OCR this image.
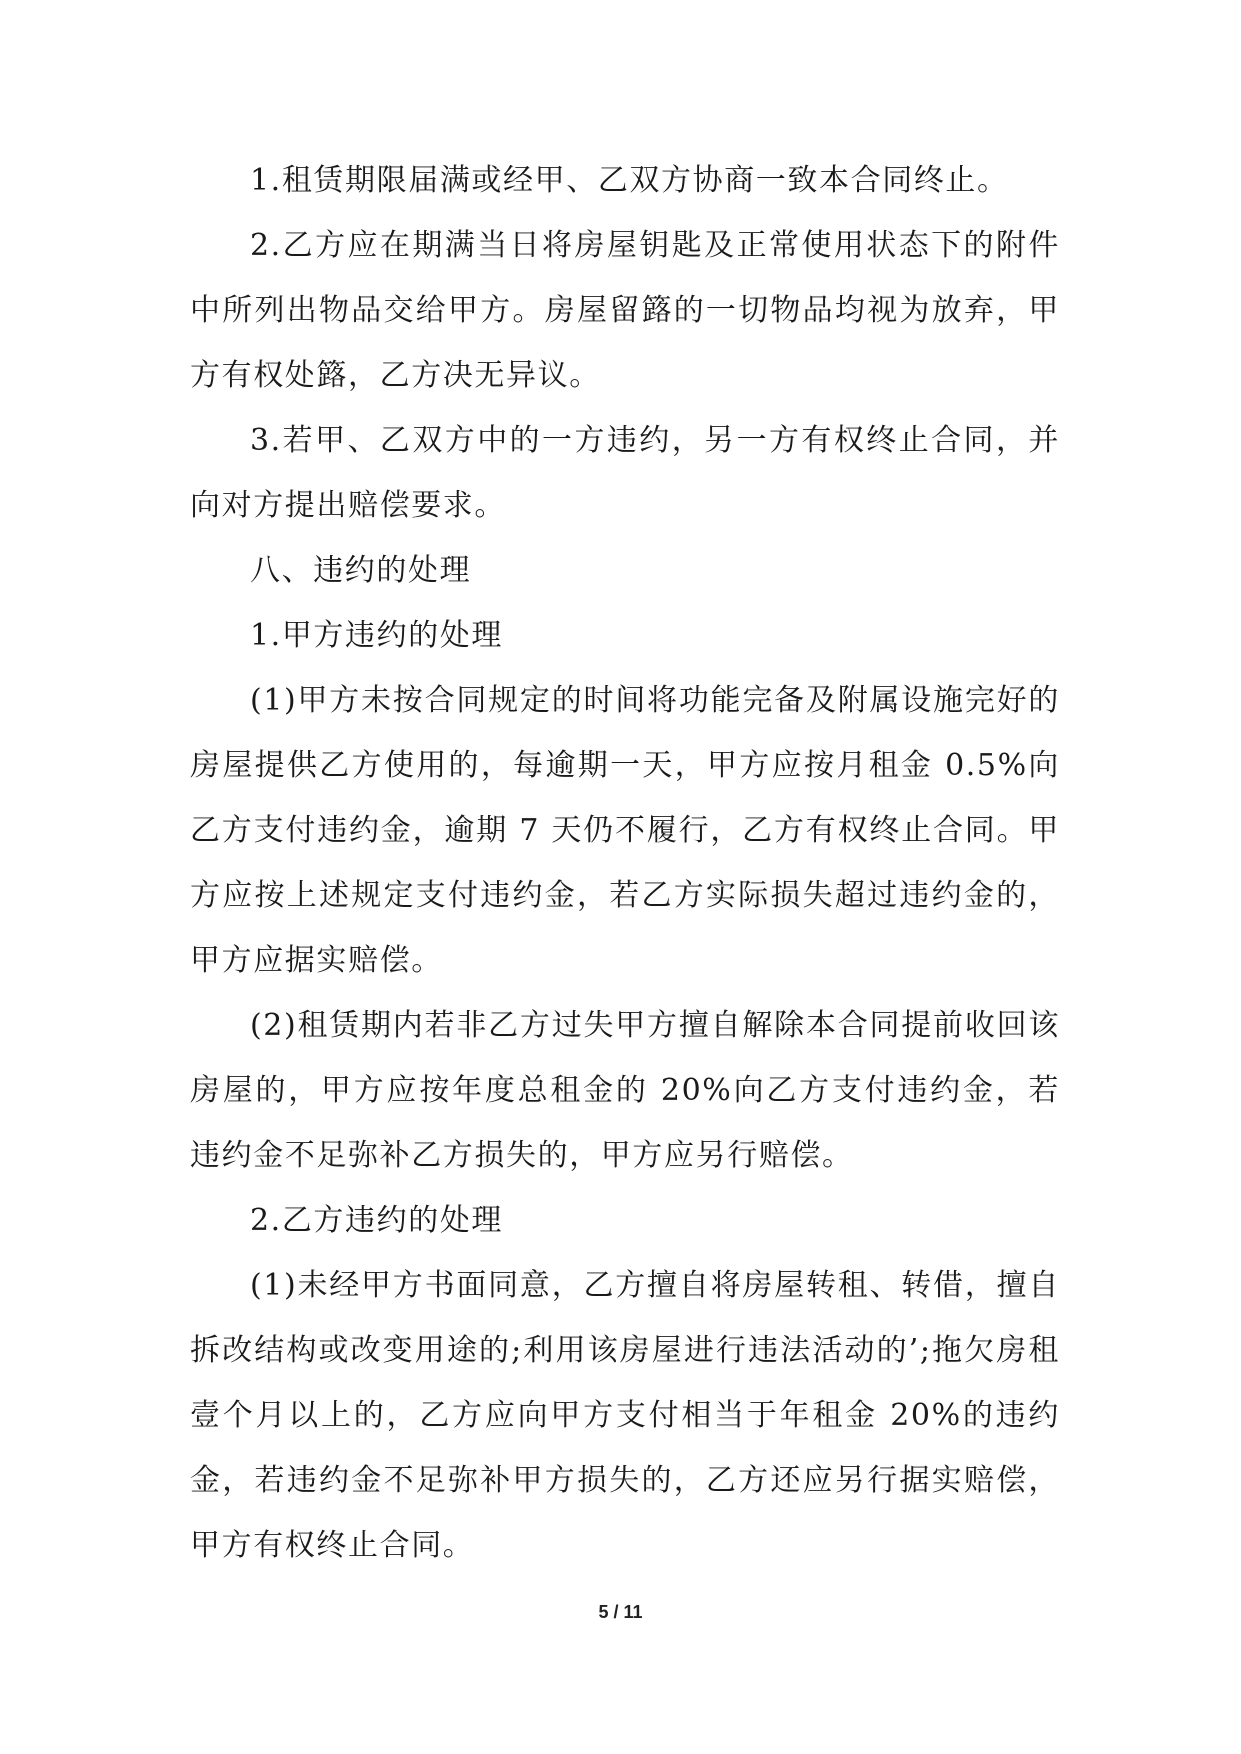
1.租赁期限届满或经甲、乙双方协商一致本合同终止。

2.乙方应在期满当日将房屋钥匙及正常使用状态下的附件中所列出物品交给甲方。房屋留簬的一切物品均视为放弃，甲方有权处簬，乙方决无异议。

3.若甲、乙双方中的一方违约，另一方有权终止合同，并向对方提出赔偿要求。

八、违约的处理

1.甲方违约的处理

(1)甲方未按合同规定的时间将功能完备及附属设施完好的房屋提供乙方使用的，每逾期一天，甲方应按月租金 0.5%向乙方支付违约金，逾期 7 天仍不履行，乙方有权终止合同。甲方应按上述规定支付违约金，若乙方实际损失超过违约金的，甲方应据实赔偿。

(2)租赁期内若非乙方过失甲方擅自解除本合同提前收回该房屋的，甲方应按年度总租金的 20%向乙方支付违约金，若违约金不足弥补乙方损失的，甲方应另行赔偿。

2.乙方违约的处理

(1)未经甲方书面同意，乙方擅自将房屋转租、转借，擅自拆改结构或改变用途的;利用该房屋进行违法活动的’;拖欠房租壹个月以上的，乙方应向甲方支付相当于年租金 20%的违约金，若违约金不足弥补甲方损失的，乙方还应另行据实赔偿，甲方有权终止合同。

5 / 11
